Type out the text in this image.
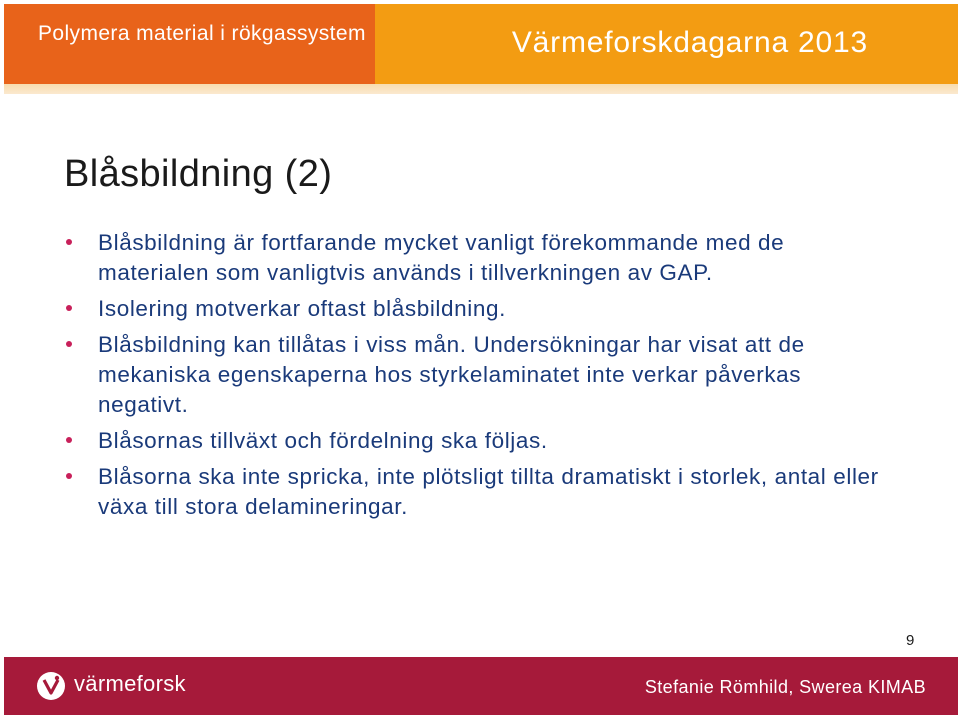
Polymera material i rökgassystem	Värmeforskdagarna 2013
Blåsbildning (2)
Blåsbildning är fortfarande mycket vanligt förekommande med de materialen som vanligtvis används i tillverkningen av GAP.
Isolering motverkar oftast blåsbildning.
Blåsbildning kan tillåtas i viss mån. Undersökningar har visat att de mekaniska egenskaperna hos styrkelaminatet inte verkar påverkas negativt.
Blåsornas tillväxt och fördelning ska följas.
Blåsorna ska inte spricka, inte plötsligt tillta dramatiskt i storlek, antal eller växa till stora delamineringar.
9
värmeforsk	Stefanie Römhild, Swerea KIMAB
